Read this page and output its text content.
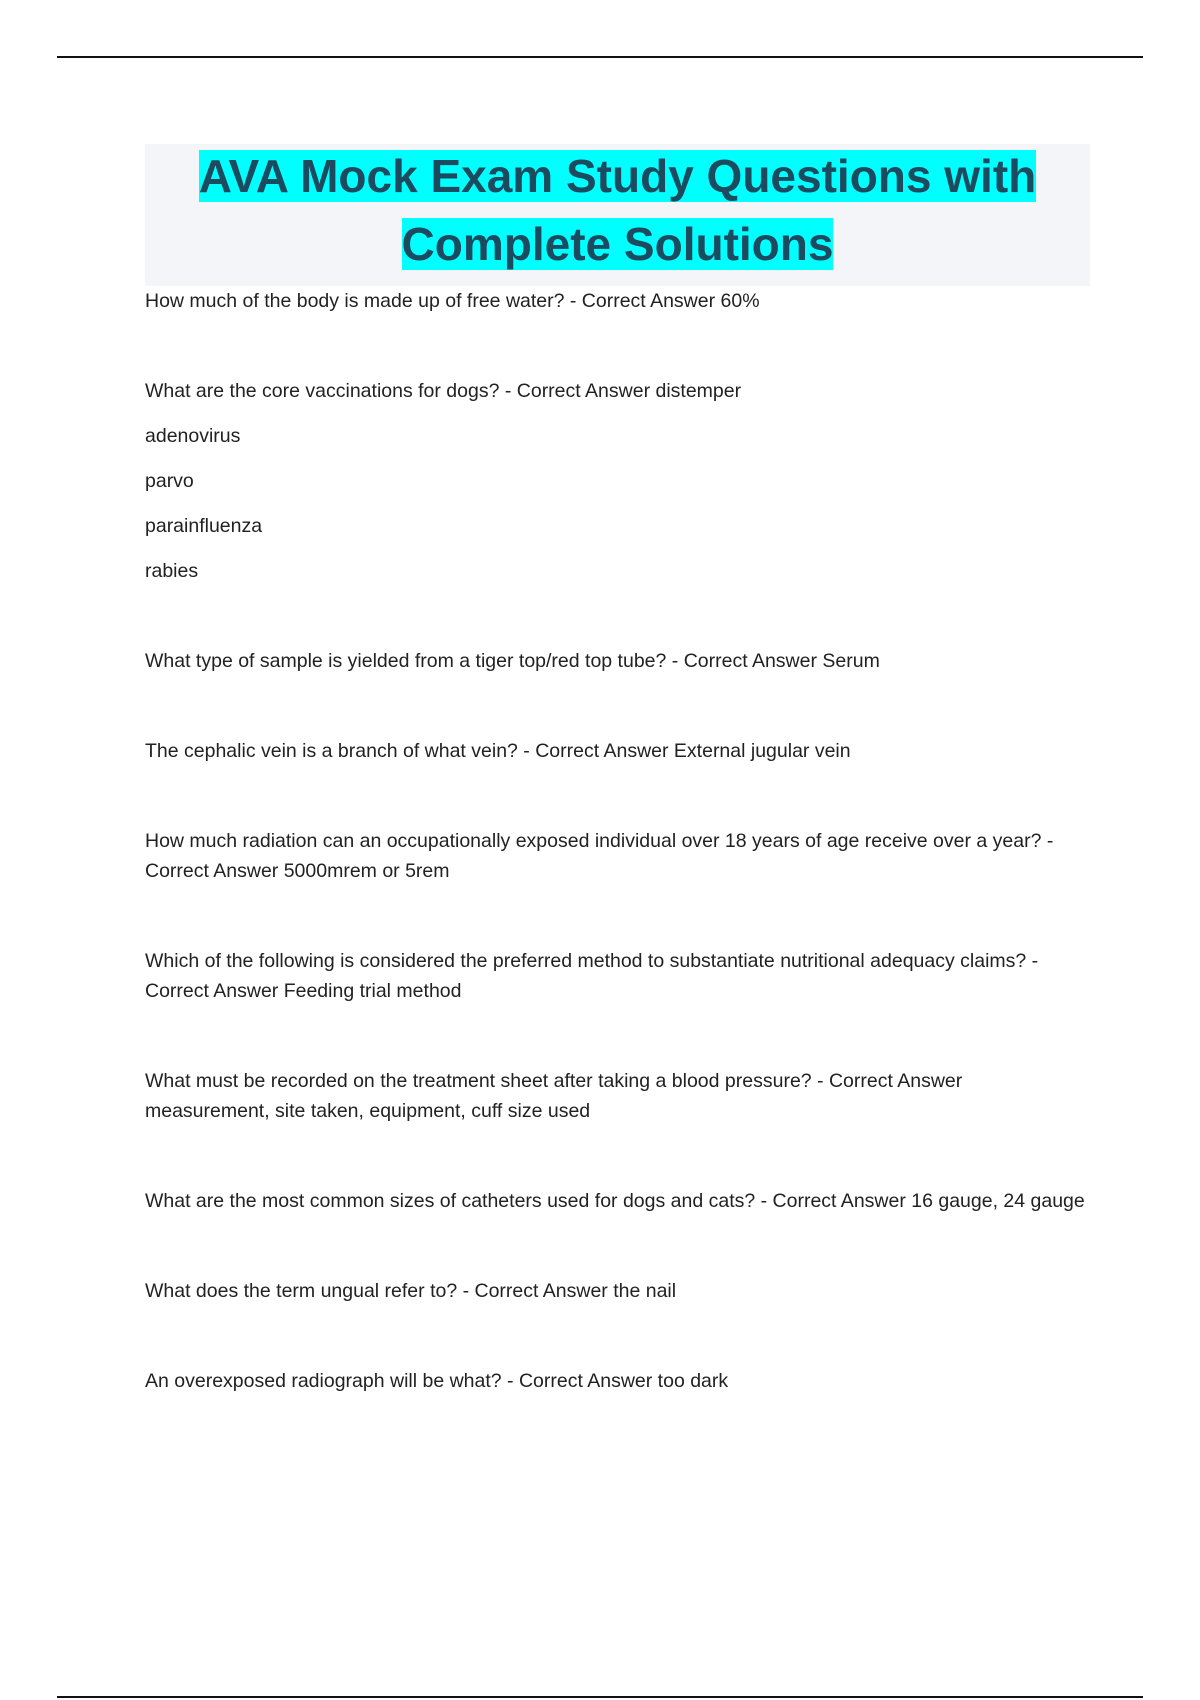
AVA Mock Exam Study Questions with
Complete Solutions

How much of the body is made up of free water? - Correct Answer 60%

What are the core vaccinations for dogs? - Correct Answer distemper

adenovirus

parvo

parainfluenza

rabies

What type of sample is yielded from a tiger top/red top tube? - Correct Answer Serum

The cephalic vein is a branch of what vein? - Correct Answer External jugular vein

How much radiation can an occupationally exposed individual over 18 years of age receive over a year? - Correct Answer 5000mrem or 5rem

Which of the following is considered the preferred method to substantiate nutritional adequacy claims? - Correct Answer Feeding trial method

What must be recorded on the treatment sheet after taking a blood pressure? - Correct Answer measurement, site taken, equipment, cuff size used

What are the most common sizes of catheters used for dogs and cats? - Correct Answer 16 gauge, 24 gauge

What does the term ungual refer to? - Correct Answer the nail

An overexposed radiograph will be what? - Correct Answer too dark
